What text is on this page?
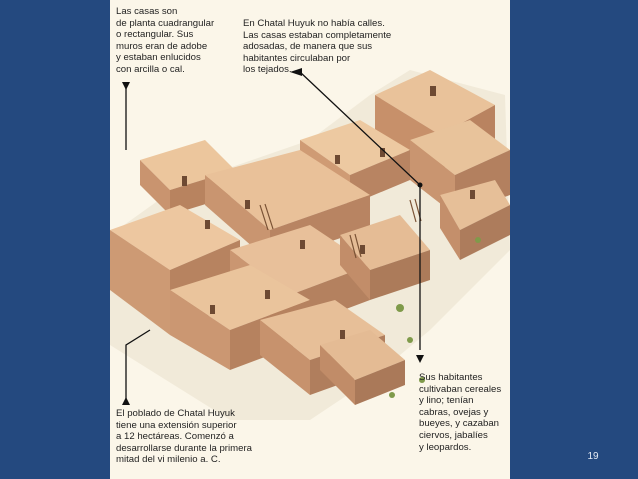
Las casas son
de planta cuadrangular
o rectangular. Sus
muros eran de adobe
y estaban enlucidos
con arcilla o cal.
En Chatal Huyuk no había calles.
Las casas estaban completamente
adosadas, de manera que sus
habitantes circulaban por
los tejados.
El poblado de Chatal Huyuk
tiene una extensión superior
a 12 hectáreas. Comenzó a
desarrollarse durante la primera
mitad del vi milenio a. C.
Sus habitantes
cultivaban cereales
y lino; tenían
cabras, ovejas y
bueyes, y cazaban
ciervos, jabalíes
y leopardos.
19
